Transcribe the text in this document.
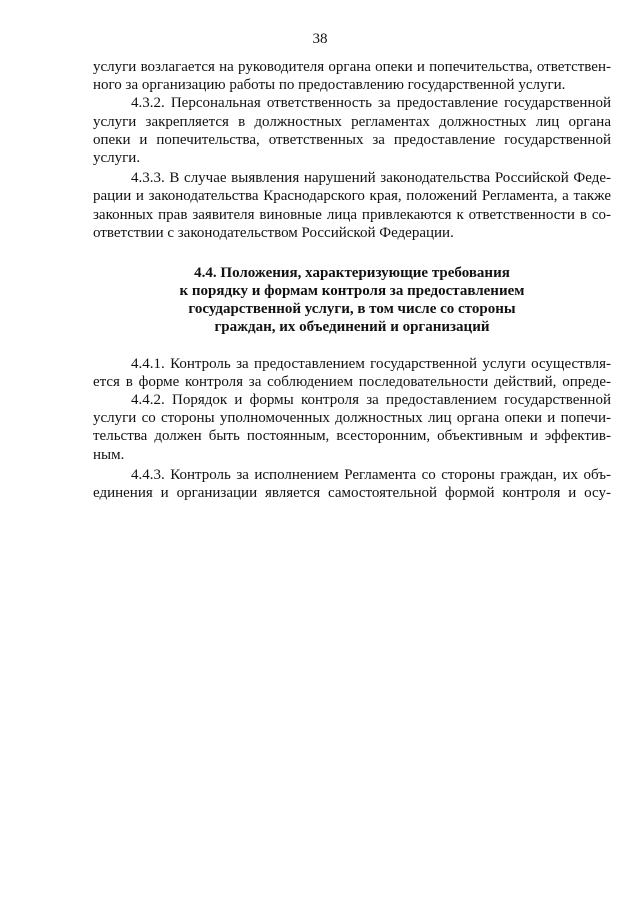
38
услуги возлагается на руководителя органа опеки и попечительства, ответствен-
ного за организацию работы по предоставлению государственной услуги.
4.3.2. Персональная ответственность за предоставление государственной
услуги закрепляется в должностных регламентах должностных лиц органа
опеки и попечительства, ответственных за предоставление государственной
услуги.
4.3.3. В случае выявления нарушений законодательства Российской Феде-
рации и законодательства Краснодарского края, положений Регламента, а также
законных прав заявителя виновные лица привлекаются к ответственности в со-
ответствии с законодательством Российской Федерации.
4.4. Положения, характеризующие требования
к порядку и формам контроля за предоставлением
государственной услуги, в том числе со стороны
граждан, их объединений и организаций
4.4.1. Контроль за предоставлением государственной услуги осуществля-
ется в форме контроля за соблюдением последовательности действий, опреде-
4.4.2. Порядок и формы контроля за предоставлением государственной
услуги со стороны уполномоченных должностных лиц органа опеки и попечи-
тельства должен быть постоянным, всесторонним, объективным и эффектив-
ным.
4.4.3. Контроль за исполнением Регламента со стороны граждан, их объ-
единения и организации является самостоятельной формой контроля и осу-
